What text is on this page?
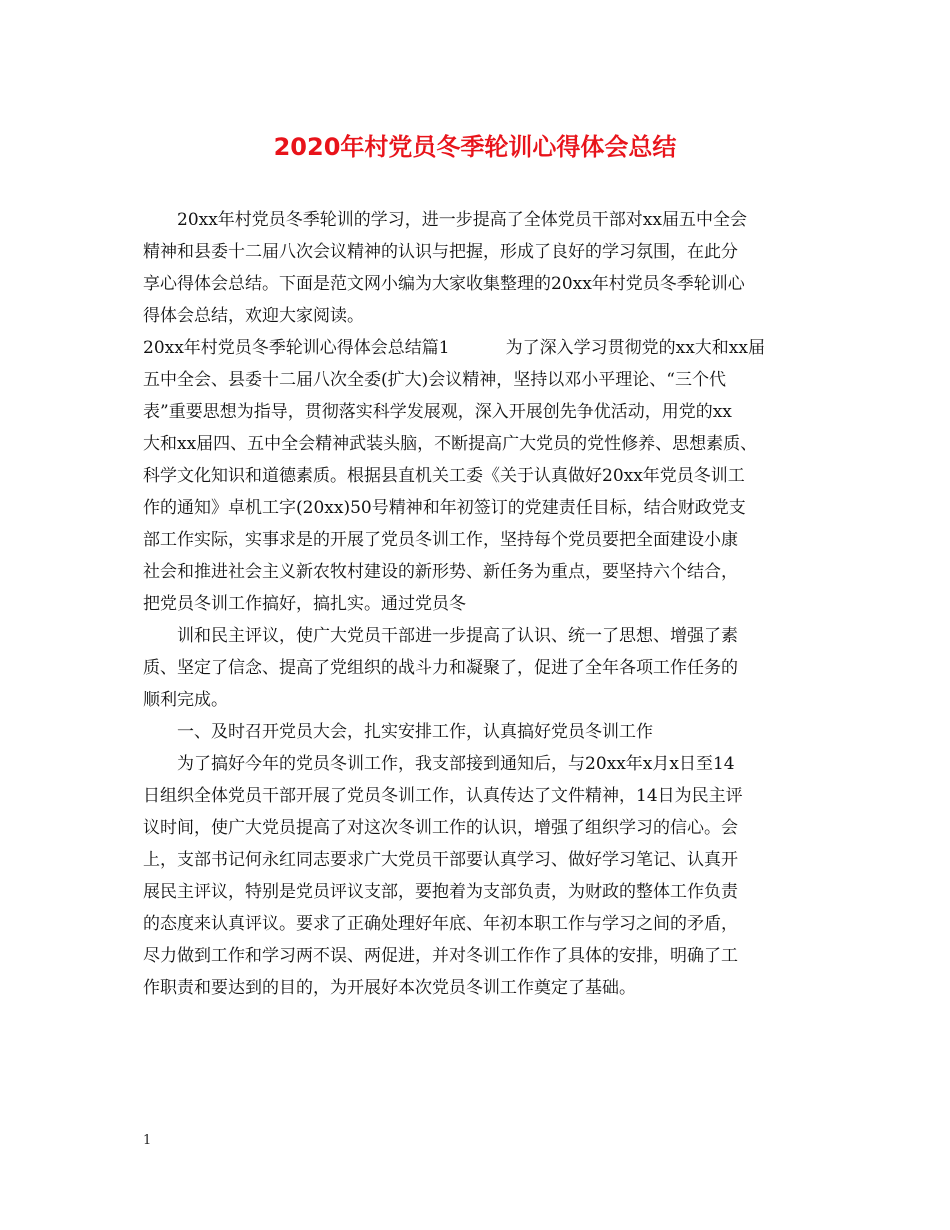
2020年村党员冬季轮训心得体会总结
20xx年村党员冬季轮训的学习，进一步提高了全体党员干部对xx届五中全会
精神和县委十二届八次会议精神的认识与把握，形成了良好的学习氛围，在此分
享心得体会总结。下面是范文网小编为大家收集整理的20xx年村党员冬季轮训心
得体会总结，欢迎大家阅读。
20xx年村党员冬季轮训心得体会总结篇1	为了深入学习贯彻党的xx大和xx届
五中全会、县委十二届八次全委(扩大)会议精神，坚持以邓小平理论、“三个代
表”重要思想为指导，贯彻落实科学发展观，深入开展创先争优活动，用党的xx
大和xx届四、五中全会精神武装头脑，不断提高广大党员的党性修养、思想素质、
科学文化知识和道德素质。根据县直机关工委《关于认真做好20xx年党员冬训工
作的通知》卓机工字(20xx)50号精神和年初签订的党建责任目标，结合财政党支
部工作实际，实事求是的开展了党员冬训工作，坚持每个党员要把全面建设小康
社会和推进社会主义新农牧村建设的新形势、新任务为重点，要坚持六个结合，
把党员冬训工作搞好，搞扎实。通过党员冬
训和民主评议，使广大党员干部进一步提高了认识、统一了思想、增强了素
质、坚定了信念、提高了党组织的战斗力和凝聚了，促进了全年各项工作任务的
顺利完成。
一、及时召开党员大会，扎实安排工作，认真搞好党员冬训工作
为了搞好今年的党员冬训工作，我支部接到通知后，与20xx年x月x日至14
日组织全体党员干部开展了党员冬训工作，认真传达了文件精神，14日为民主评
议时间，使广大党员提高了对这次冬训工作的认识，增强了组织学习的信心。会
上，支部书记何永红同志要求广大党员干部要认真学习、做好学习笔记、认真开
展民主评议，特别是党员评议支部，要抱着为支部负责，为财政的整体工作负责
的态度来认真评议。要求了正确处理好年底、年初本职工作与学习之间的矛盾，
尽力做到工作和学习两不误、两促进，并对冬训工作作了具体的安排，明确了工
作职责和要达到的目的，为开展好本次党员冬训工作奠定了基础。
1
